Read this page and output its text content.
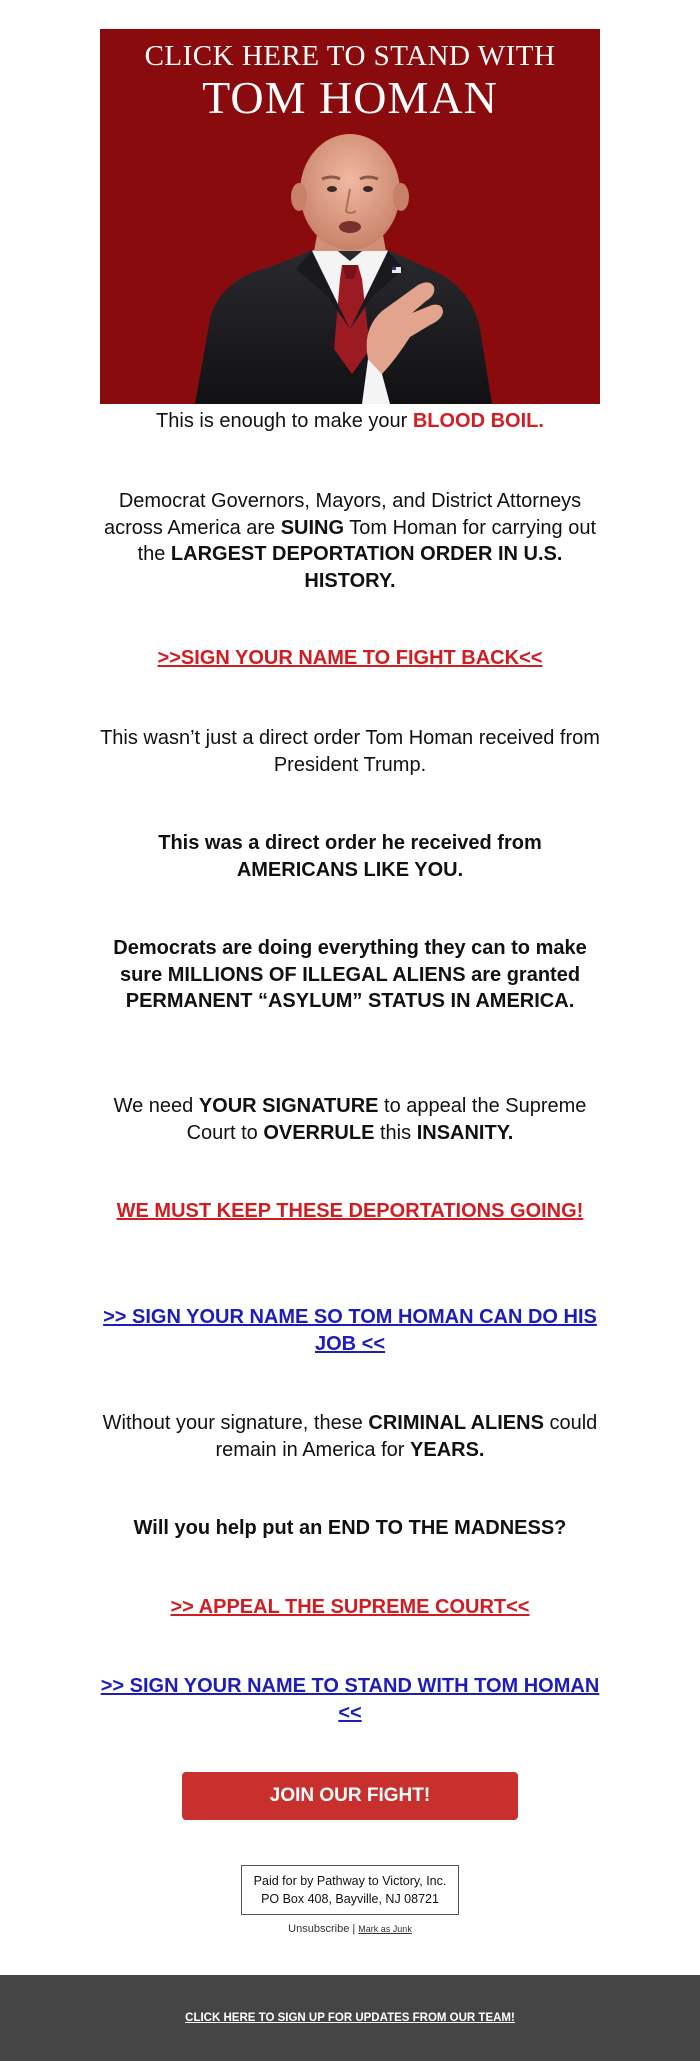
CLICK HERE TO STAND WITH
TOM HOMAN

This is enough to make your BLOOD BOIL.

Democrat Governors, Mayors, and District Attorneys across America are SUING Tom Homan for carrying out the LARGEST DEPORTATION ORDER IN U.S. HISTORY.

>>SIGN YOUR NAME TO FIGHT BACK<<

This wasn’t just a direct order Tom Homan received from President Trump.

This was a direct order he received from AMERICANS LIKE YOU.

Democrats are doing everything they can to make sure MILLIONS OF ILLEGAL ALIENS are granted PERMANENT “ASYLUM” STATUS IN AMERICA.

We need YOUR SIGNATURE to appeal the Supreme Court to OVERRULE this INSANITY.

WE MUST KEEP THESE DEPORTATIONS GOING!

>> SIGN YOUR NAME SO TOM HOMAN CAN DO HIS JOB <<

Without your signature, these CRIMINAL ALIENS could remain in America for YEARS.

Will you help put an END TO THE MADNESS?

>> APPEAL THE SUPREME COURT<<

>> SIGN YOUR NAME TO STAND WITH TOM HOMAN <<

JOIN OUR FIGHT!
Paid for by Pathway to Victory, Inc.
PO Box 408, Bayville, NJ 08721
Unsubscribe | Mark as Junk
CLICK HERE TO SIGN UP FOR UPDATES FROM OUR TEAM!
